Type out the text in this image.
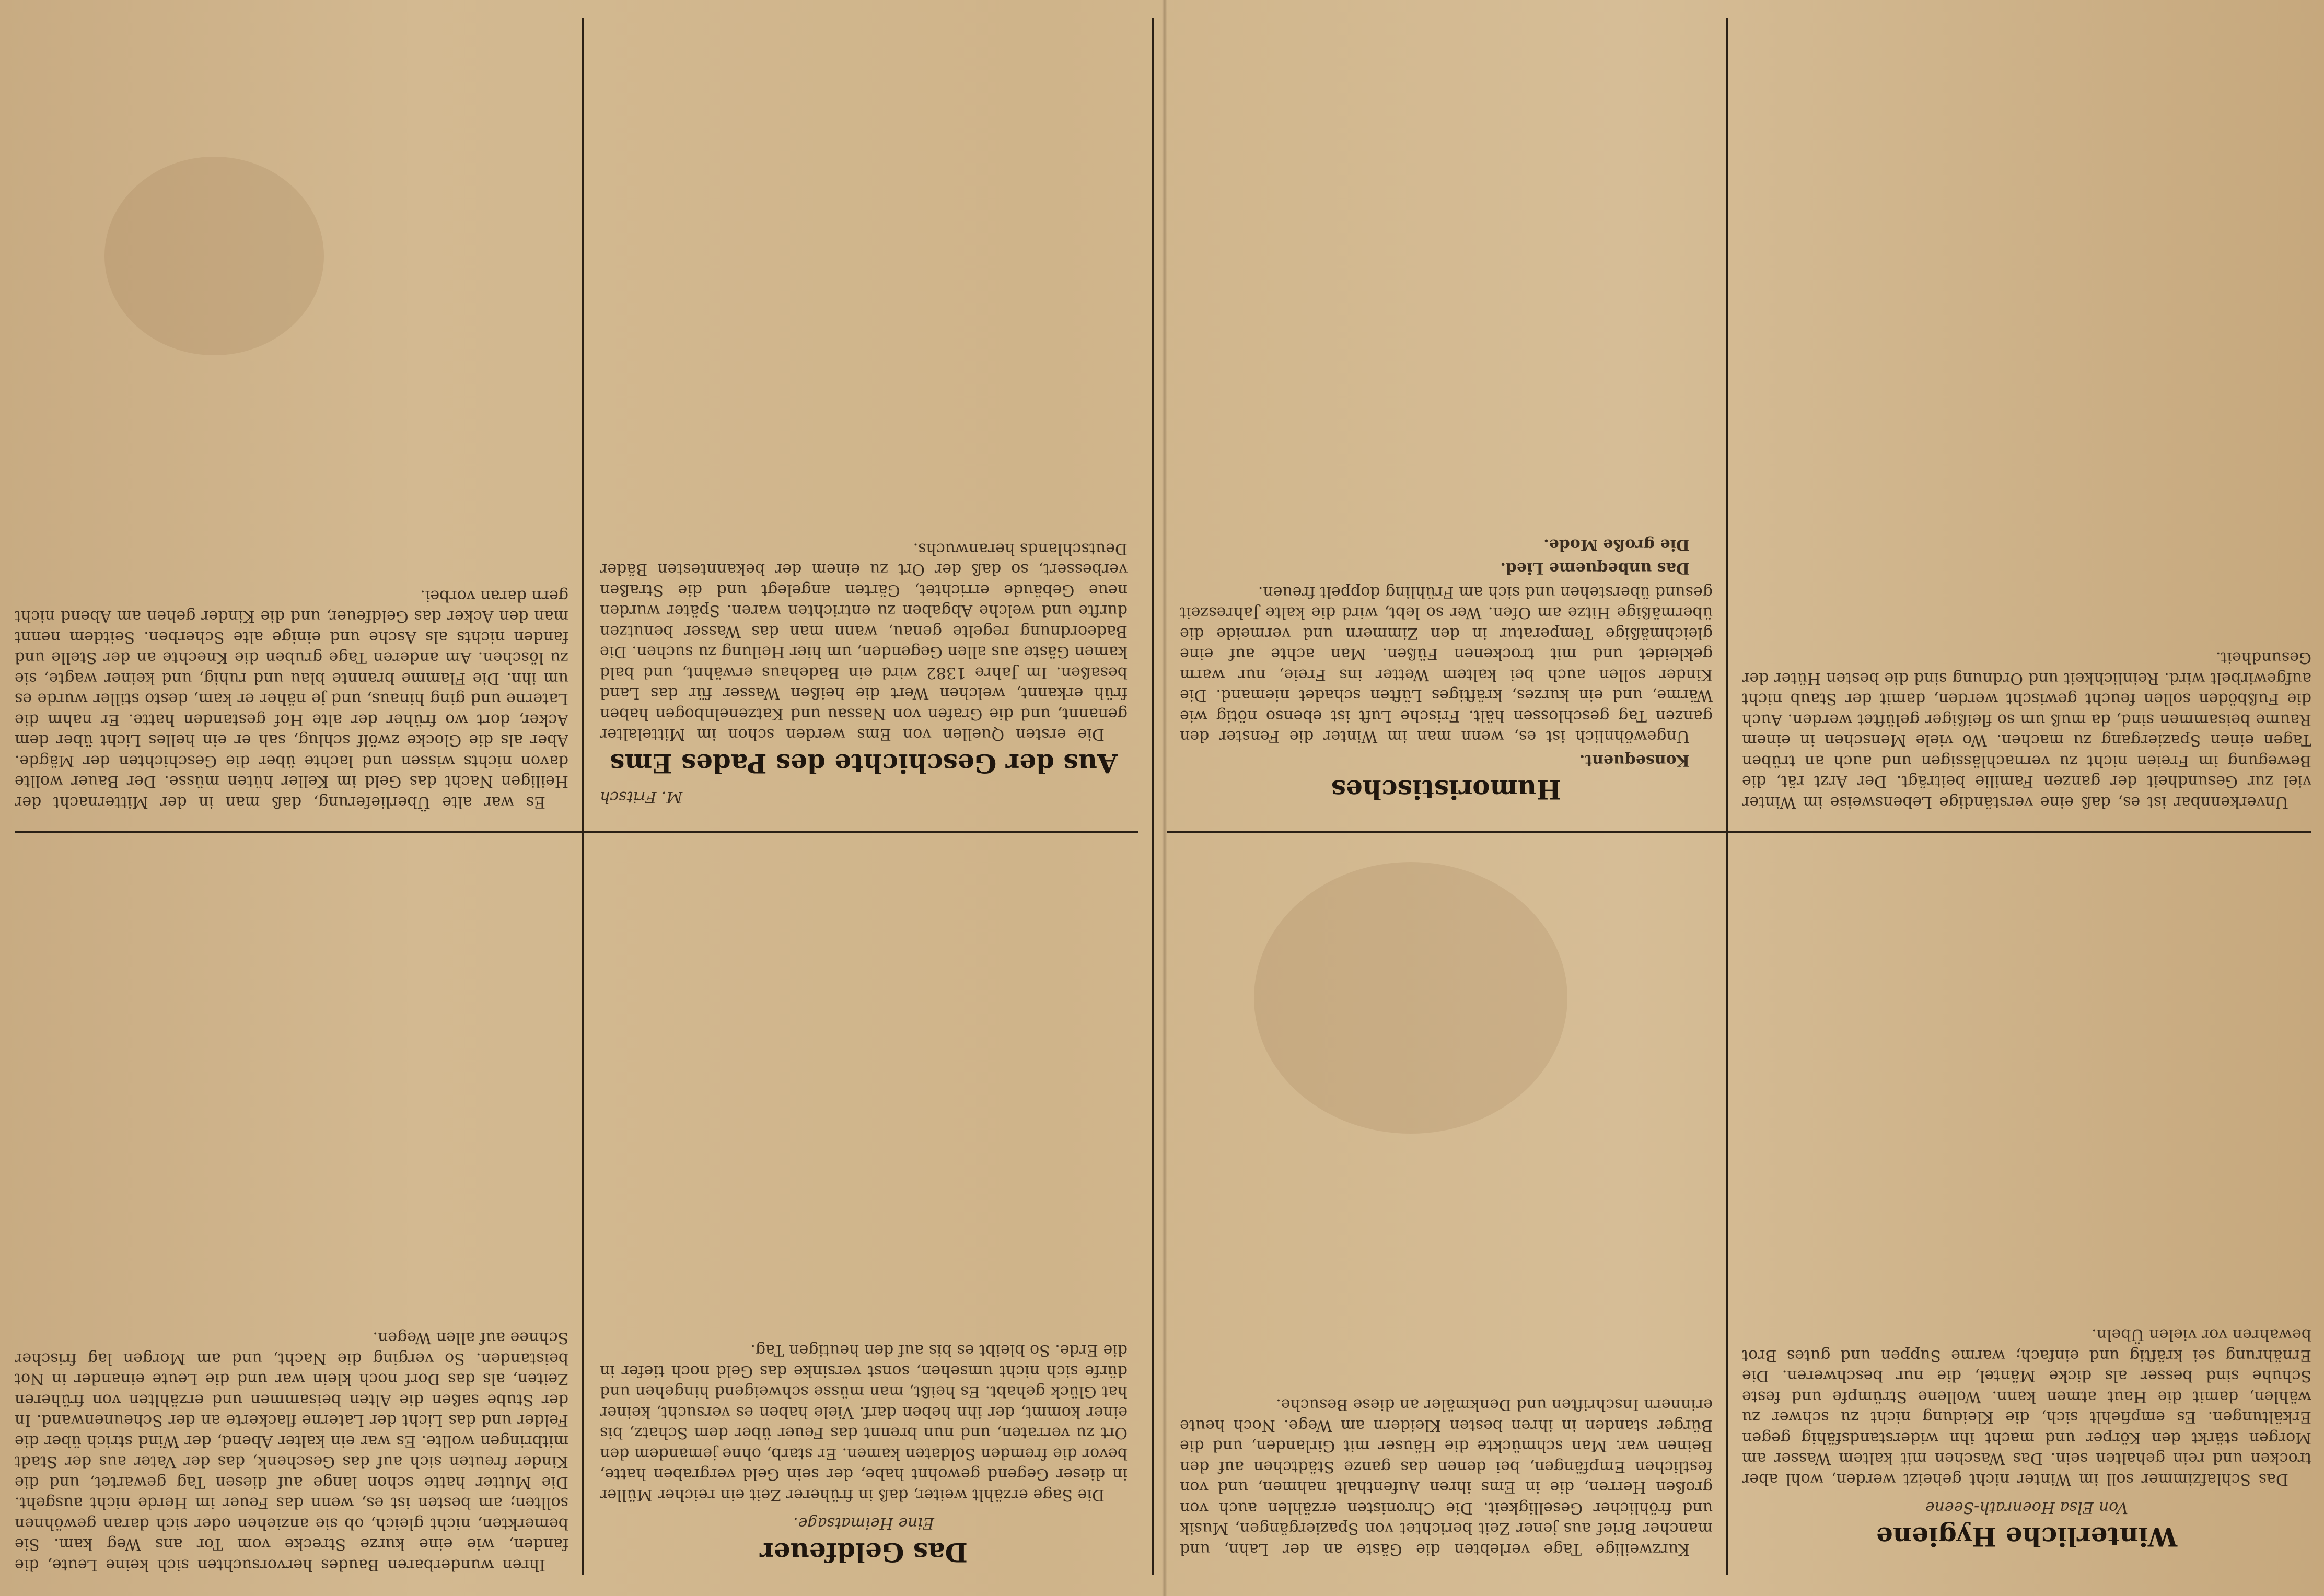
Ihren wunderbaren Baudes hervorsuchten sich keine Leute, die fanden, wie eine kurze Strecke vom Tor ans Weg kam. Sie bemerkten, nicht gleich, ob sie anziehen oder sich daran gewöhnen sollten; am besten ist es, wenn das Feuer im Herde nicht ausgeht. Die Mutter hatte schon lange auf diesen Tag gewartet, und die Kinder freuten sich auf das Geschenk, das der Vater aus der Stadt mitbringen wollte. Es war ein kalter Abend, der Wind strich über die Felder und das Licht der Laterne flackerte an der Scheunenwand. In der Stube saßen die Alten beisammen und erzählten von früheren Zeiten, als das Dorf noch klein war und die Leute einander in Not beistanden. So verging die Nacht, und am Morgen lag frischer Schnee auf allen Wegen.

Das Geldfeuer
Eine Heimatsage.

Die Sage erzählt weiter, daß in früherer Zeit ein reicher Müller in dieser Gegend gewohnt habe, der sein Geld vergraben hatte, bevor die fremden Soldaten kamen. Er starb, ohne jemandem den Ort zu verraten, und nun brennt das Feuer über dem Schatz, bis einer kommt, der ihn heben darf. Viele haben es versucht, keiner hat Glück gehabt. Es heißt, man müsse schweigend hingehen und dürfe sich nicht umsehen, sonst versinke das Geld noch tiefer in die Erde. So bleibt es bis auf den heutigen Tag.

Es war alte Überlieferung, daß man in der Mitternacht der Heiligen Nacht das Geld im Keller hüten müsse. Der Bauer wollte davon nichts wissen und lachte über die Geschichten der Mägde. Aber als die Glocke zwölf schlug, sah er ein helles Licht über dem Acker, dort wo früher der alte Hof gestanden hatte. Er nahm die Laterne und ging hinaus, und je näher er kam, desto stiller wurde es um ihn. Die Flamme brannte blau und ruhig, und keiner wagte, sie zu löschen. Am anderen Tage gruben die Knechte an der Stelle und fanden nichts als Asche und einige alte Scherben. Seitdem nennt man den Acker das Geldfeuer, und die Kinder gehen am Abend nicht gern daran vorbei.

M. Fritsch
Aus der Geschichte des Pades Ems

Die ersten Quellen von Ems werden schon im Mittelalter genannt, und die Grafen von Nassau und Katzenelnbogen haben früh erkannt, welchen Wert die heißen Wasser für das Land besaßen. Im Jahre 1382 wird ein Badehaus erwähnt, und bald kamen Gäste aus allen Gegenden, um hier Heilung zu suchen. Die Badeordnung regelte genau, wann man das Wasser benutzen durfte und welche Abgaben zu entrichten waren. Später wurden neue Gebäude errichtet, Gärten angelegt und die Straßen verbessert, so daß der Ort zu einem der bekanntesten Bäder Deutschlands heranwuchs.

Kurzweilige Tage verlebten die Gäste an der Lahn, und mancher Brief aus jener Zeit berichtet von Spaziergängen, Musik und fröhlicher Geselligkeit. Die Chronisten erzählen auch von großen Herren, die in Ems ihren Aufenthalt nahmen, und von festlichen Empfängen, bei denen das ganze Städtchen auf den Beinen war. Man schmückte die Häuser mit Girlanden, und die Bürger standen in ihren besten Kleidern am Wege. Noch heute erinnern Inschriften und Denkmäler an diese Besuche.

Winterliche Hygiene
Von Elsa Hoenrath-Seene

Das Schlafzimmer soll im Winter nicht geheizt werden, wohl aber trocken und rein gehalten sein. Das Waschen mit kaltem Wasser am Morgen stärkt den Körper und macht ihn widerstandsfähig gegen Erkältungen. Es empfiehlt sich, die Kleidung nicht zu schwer zu wählen, damit die Haut atmen kann. Wollene Strümpfe und feste Schuhe sind besser als dicke Mäntel, die nur beschweren. Die Ernährung sei kräftig und einfach; warme Suppen und gutes Brot bewahren vor vielen Übeln.

Humoristisches

Konsequent.

Ungewöhnlich ist es, wenn man im Winter die Fenster den ganzen Tag geschlossen hält. Frische Luft ist ebenso nötig wie Wärme, und ein kurzes, kräftiges Lüften schadet niemand. Die Kinder sollen auch bei kaltem Wetter ins Freie, nur warm gekleidet und mit trockenen Füßen. Man achte auf eine gleichmäßige Temperatur in den Zimmern und vermeide die übermäßige Hitze am Ofen. Wer so lebt, wird die kalte Jahreszeit gesund überstehen und sich am Frühling doppelt freuen.

Das unbequeme Lied.

Die große Mode.

Unverkennbar ist es, daß eine verständige Lebensweise im Winter viel zur Gesundheit der ganzen Familie beiträgt. Der Arzt rät, die Bewegung im Freien nicht zu vernachlässigen und auch an trüben Tagen einen Spaziergang zu machen. Wo viele Menschen in einem Raume beisammen sind, da muß um so fleißiger gelüftet werden. Auch die Fußböden sollen feucht gewischt werden, damit der Staub nicht aufgewirbelt wird. Reinlichkeit und Ordnung sind die besten Hüter der Gesundheit.
